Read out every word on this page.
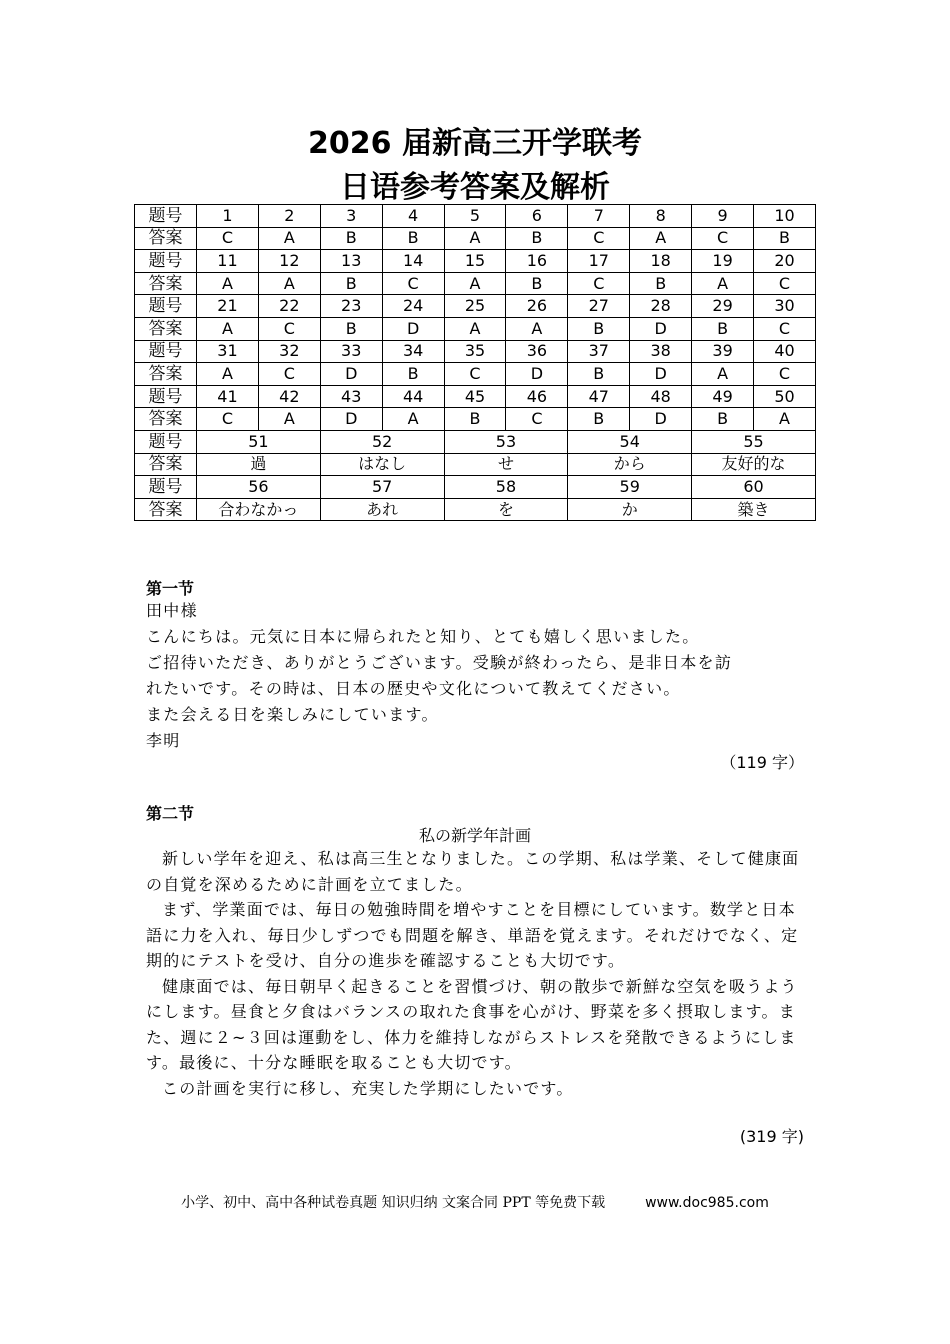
2026 届新高三开学联考
日语参考答案及解析
题号	1	2	3	4	5	6	7	8	9	10
答案	C	A	B	B	A	B	C	A	C	B
题号	11	12	13	14	15	16	17	18	19	20
答案	A	A	B	C	A	B	C	B	A	C
题号	21	22	23	24	25	26	27	28	29	30
答案	A	C	B	D	A	A	B	D	B	C
题号	31	32	33	34	35	36	37	38	39	40
答案	A	C	D	B	C	D	B	D	A	C
题号	41	42	43	44	45	46	47	48	49	50
答案	C	A	D	A	B	C	B	D	B	A
题号	51		52		53		54		55	
答案	過		はなし		せ		から		友好的な	
题号	56		57		58		59		60	
答案	合わなかっ		あれ		を		か		築き	
第一节
田中様
こんにちは。元気に日本に帰られたと知り、とても嬉しく思いました。
ご招待いただき、ありがとうございます。受験が終わったら、是非日本を訪
れたいです。その時は、日本の歴史や文化について教えてください。
また会える日を楽しみにしています。
李明
（119 字）
第二节
私の新学年計画

新しい学年を迎え、私は高三生となりました。この学期、私は学業、そして健康面の自覚を深めるために計画を立てました。

まず、学業面では、毎日の勉強時間を増やすことを目標にしています。数学と日本語に力を入れ、毎日少しずつでも問題を解き、単語を覚えます。それだけでなく、定期的にテストを受け、自分の進歩を確認することも大切です。

健康面では、毎日朝早く起きることを習慣づけ、朝の散歩で新鮮な空気を吸うようにします。昼食と夕食はバランスの取れた食事を心がけ、野菜を多く摂取します。また、週に２~３回は運動をし、体力を維持しながらストレスを発散できるようにします。最後に、十分な睡眠を取ることも大切です。

この計画を実行に移し、充実した学期にしたいです。

(319 字)
小学、初中、高中各种试卷真题 知识归纳 文案合同 PPT 等免费下载	www.doc985.com
